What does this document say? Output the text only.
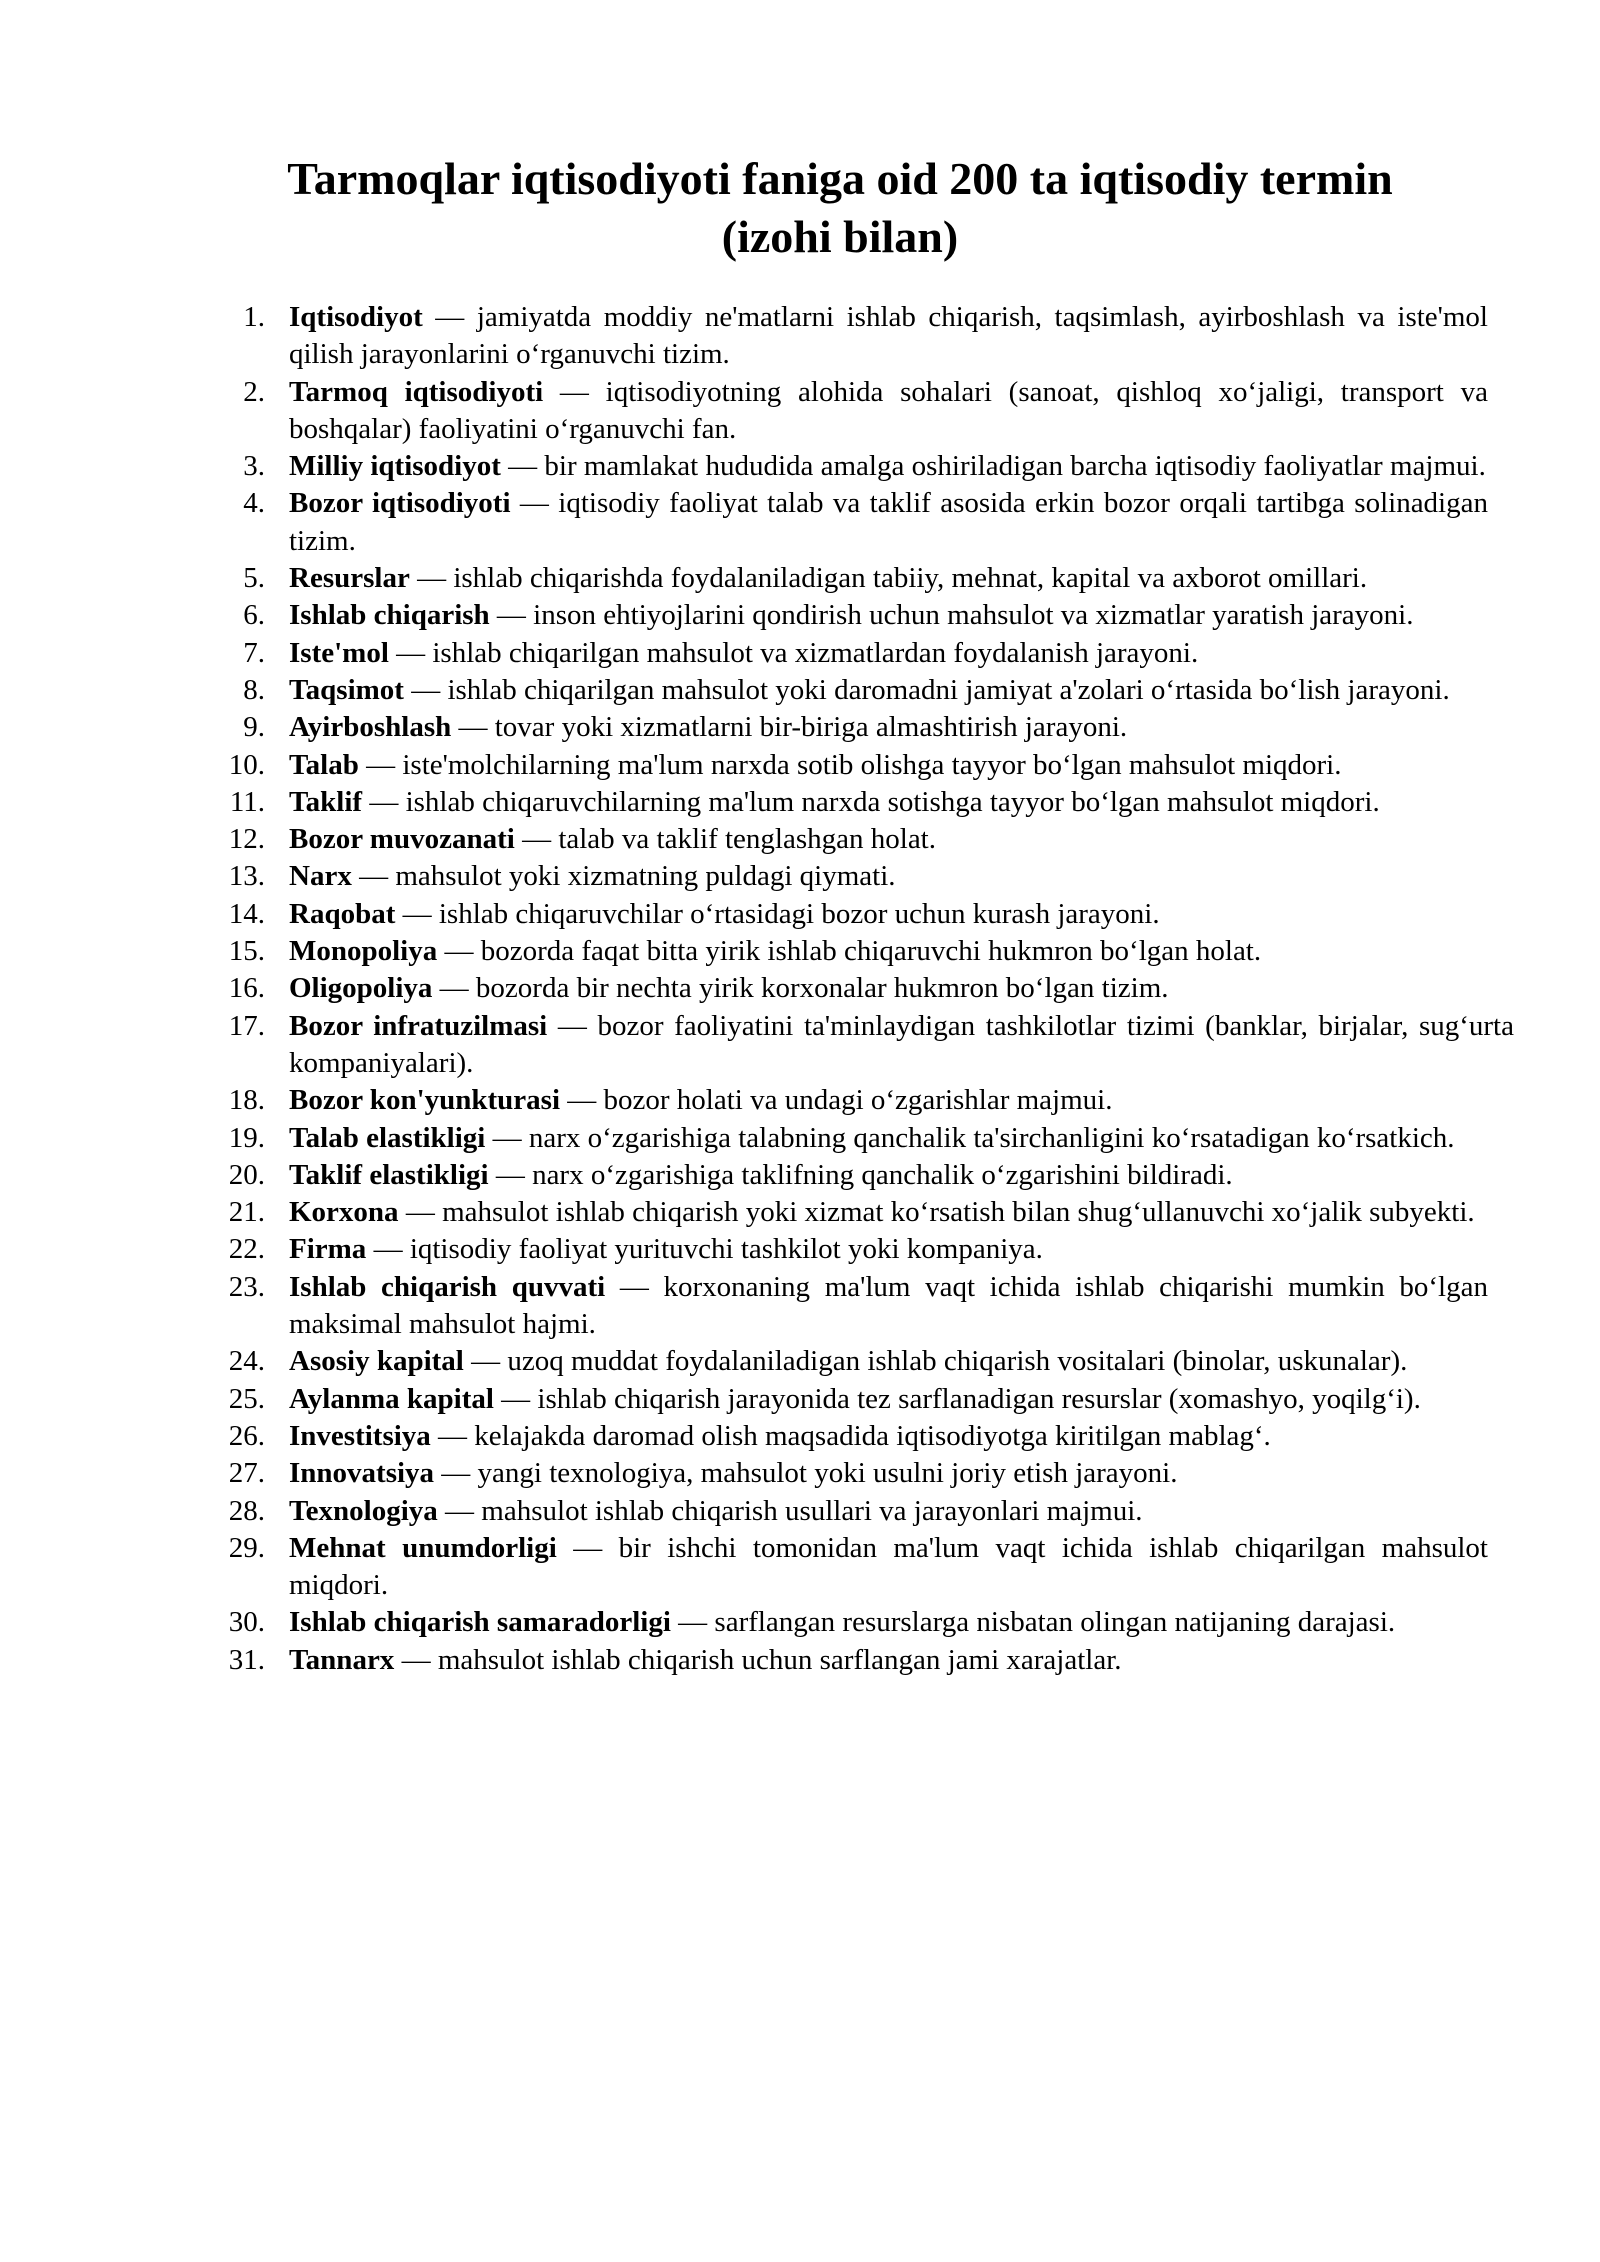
Tarmoqlar iqtisodiyoti faniga oid 200 ta iqtisodiy termin
(izohi bilan)
1. Iqtisodiyot — jamiyatda moddiy ne'matlarni ishlab chiqarish, taqsimlash, ayirboshlash va iste'mol qilish jarayonlarini o‘rganuvchi tizim.
2. Tarmoq iqtisodiyoti — iqtisodiyotning alohida sohalari (sanoat, qishloq xo‘jaligi, transport va boshqalar) faoliyatini o‘rganuvchi fan.
3. Milliy iqtisodiyot — bir mamlakat hududida amalga oshiriladigan barcha iqtisodiy faoliyatlar majmui.
4. Bozor iqtisodiyoti — iqtisodiy faoliyat talab va taklif asosida erkin bozor orqali tartibga solinadigan tizim.
5. Resurslar — ishlab chiqarishda foydalaniladigan tabiiy, mehnat, kapital va axborot omillari.
6. Ishlab chiqarish — inson ehtiyojlarini qondirish uchun mahsulot va xizmatlar yaratish jarayoni.
7. Iste'mol — ishlab chiqarilgan mahsulot va xizmatlardan foydalanish jarayoni.
8. Taqsimot — ishlab chiqarilgan mahsulot yoki daromadni jamiyat a'zolari o‘rtasida bo‘lish jarayoni.
9. Ayirboshlash — tovar yoki xizmatlarni bir-biriga almashtirish jarayoni.
10. Talab — iste'molchilarning ma'lum narxda sotib olishga tayyor bo‘lgan mahsulot miqdori.
11. Taklif — ishlab chiqaruvchilarning ma'lum narxda sotishga tayyor bo‘lgan mahsulot miqdori.
12. Bozor muvozanati — talab va taklif tenglashgan holat.
13. Narx — mahsulot yoki xizmatning puldagi qiymati.
14. Raqobat — ishlab chiqaruvchilar o‘rtasidagi bozor uchun kurash jarayoni.
15. Monopoliya — bozorda faqat bitta yirik ishlab chiqaruvchi hukmron bo‘lgan holat.
16. Oligopoliya — bozorda bir nechta yirik korxonalar hukmron bo‘lgan tizim.
17. Bozor infratuzilmasi — bozor faoliyatini ta'minlaydigan tashkilotlar tizimi (banklar, birjalar, sug‘urta kompaniyalari).
18. Bozor kon'yunkturasi — bozor holati va undagi o‘zgarishlar majmui.
19. Talab elastikligi — narx o‘zgarishiga talabning qanchalik ta'sirchanligini ko‘rsatadigan ko‘rsatkich.
20. Taklif elastikligi — narx o‘zgarishiga taklifning qanchalik o‘zgarishini bildiradi.
21. Korxona — mahsulot ishlab chiqarish yoki xizmat ko‘rsatish bilan shug‘ullanuvchi xo‘jalik subyekti.
22. Firma — iqtisodiy faoliyat yurituvchi tashkilot yoki kompaniya.
23. Ishlab chiqarish quvvati — korxonaning ma'lum vaqt ichida ishlab chiqarishi mumkin bo‘lgan maksimal mahsulot hajmi.
24. Asosiy kapital — uzoq muddat foydalaniladigan ishlab chiqarish vositalari (binolar, uskunalar).
25. Aylanma kapital — ishlab chiqarish jarayonida tez sarflanadigan resurslar (xomashyo, yoqilg‘i).
26. Investitsiya — kelajakda daromad olish maqsadida iqtisodiyotga kiritilgan mablag‘.
27. Innovatsiya — yangi texnologiya, mahsulot yoki usulni joriy etish jarayoni.
28. Texnologiya — mahsulot ishlab chiqarish usullari va jarayonlari majmui.
29. Mehnat unumdorligi — bir ishchi tomonidan ma'lum vaqt ichida ishlab chiqarilgan mahsulot miqdori.
30. Ishlab chiqarish samaradorligi — sarflangan resurslarga nisbatan olingan natijaning darajasi.
31. Tannarx — mahsulot ishlab chiqarish uchun sarflangan jami xarajatlar.
